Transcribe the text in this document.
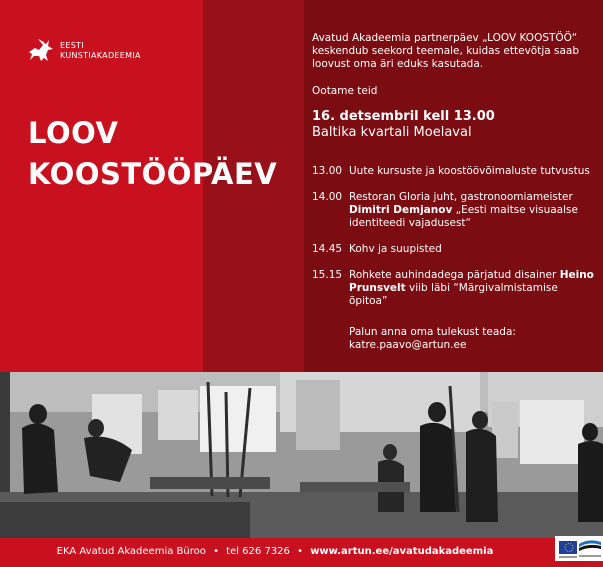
EESTI
KUNSTIAKADEEMIA
LOOV
KOOSTÖÖPÄEV

Avatud Akadeemia partnerpäev „LOOV KOOSTÖÖ“ keskendub seekord teemale, kuidas ettevõtja saab loovust oma äri eduks kasutada.

Ootame teid

16. detsembril kell 13.00
Baltika kvartali Moelaval
13.00 Uute kursuste ja koostöövõimaluste tutvustus
14.00 Restoran Gloria juht, gastronoomiameister Dimitri Demjanov „Eesti maitse visuaalse identiteedi vajadusest“
14.45 Kohv ja suupisted
15.15 Rohkete auhindadega pärjatud disainer Heino Prunsvelt viib läbi “Märgivalmistamise õpitoa”
Palun anna oma tulekust teada:
katre.paavo@artun.ee
EKA Avatud Akadeemia Büroo • tel 626 7326 • www.artun.ee/avatudakadeemia
